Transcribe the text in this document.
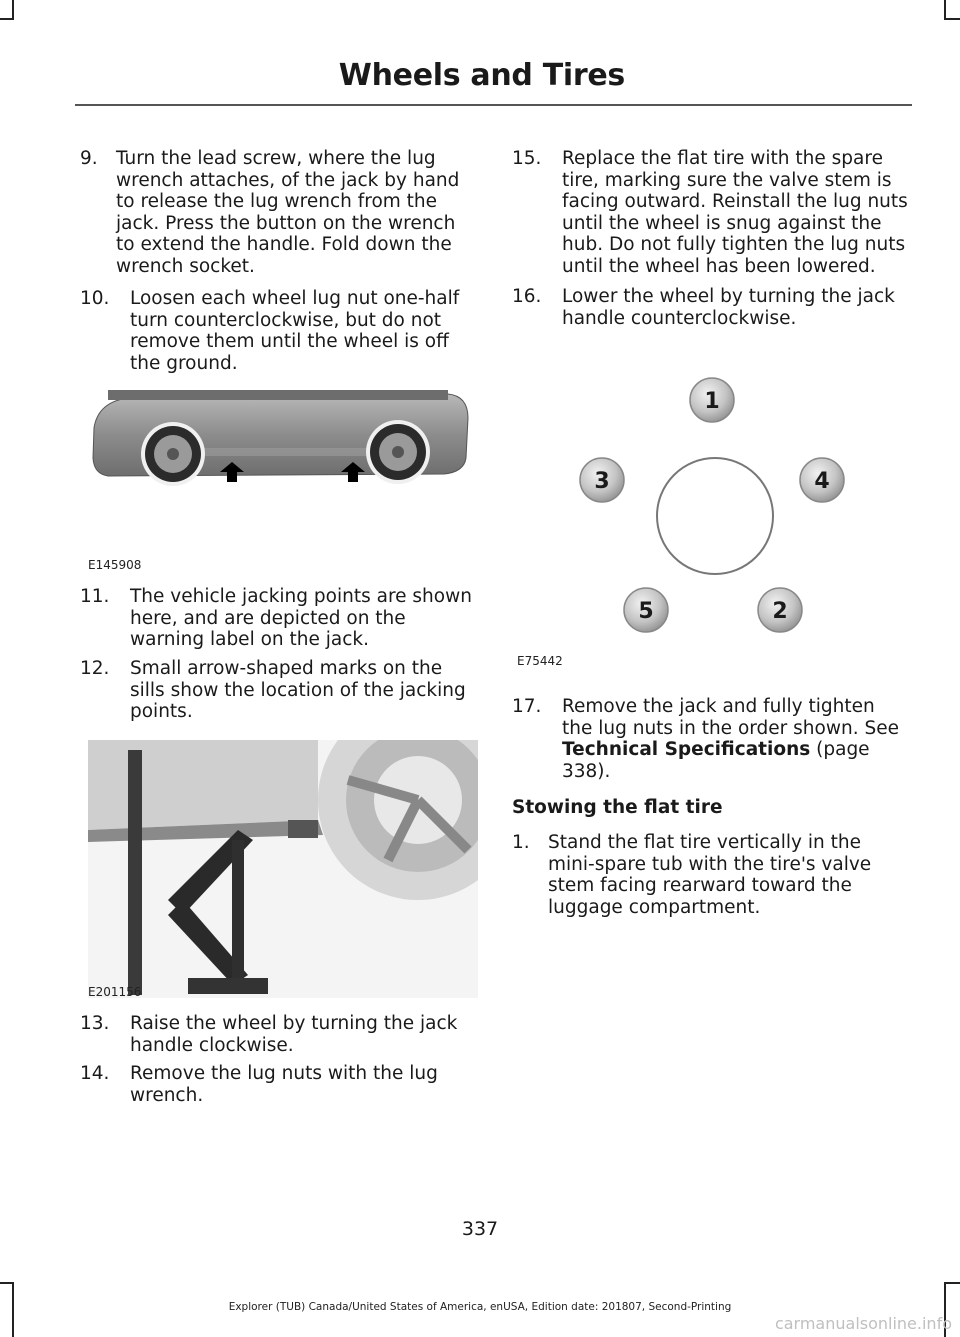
Wheels and Tires
9. Turn the lead screw, where the lug wrench attaches, of the jack by hand to release the lug wrench from the jack. Press the button on the wrench to extend the handle. Fold down the wrench socket.
10.	Loosen each wheel lug nut one-half turn counterclockwise, but do not remove them until the wheel is off the ground.
E145908
11.	The vehicle jacking points are shown here, and are depicted on the warning label on the jack.
12.	Small arrow-shaped marks on the sills show the location of the jacking points.
E201156
13.	Raise the wheel by turning the jack handle clockwise.
14.	Remove the lug nuts with the lug wrench.
15.	Replace the flat tire with the spare tire, marking sure the valve stem is facing outward. Reinstall the lug nuts until the wheel is snug against the hub. Do not fully tighten the lug nuts until the wheel has been lowered.
16.	Lower the wheel by turning the jack handle counterclockwise.
1
2
3	4
5
E75442
17.	Remove the jack and fully tighten the lug nuts in the order shown. See Technical Specifications (page 338).
Stowing the flat tire
1. Stand the flat tire vertically in the mini-spare tub with the tire's valve stem facing rearward toward the luggage compartment.
337
Explorer (TUB) Canada/United States of America, enUSA, Edition date: 201807, Second-Printing
carmanualsonline.info
